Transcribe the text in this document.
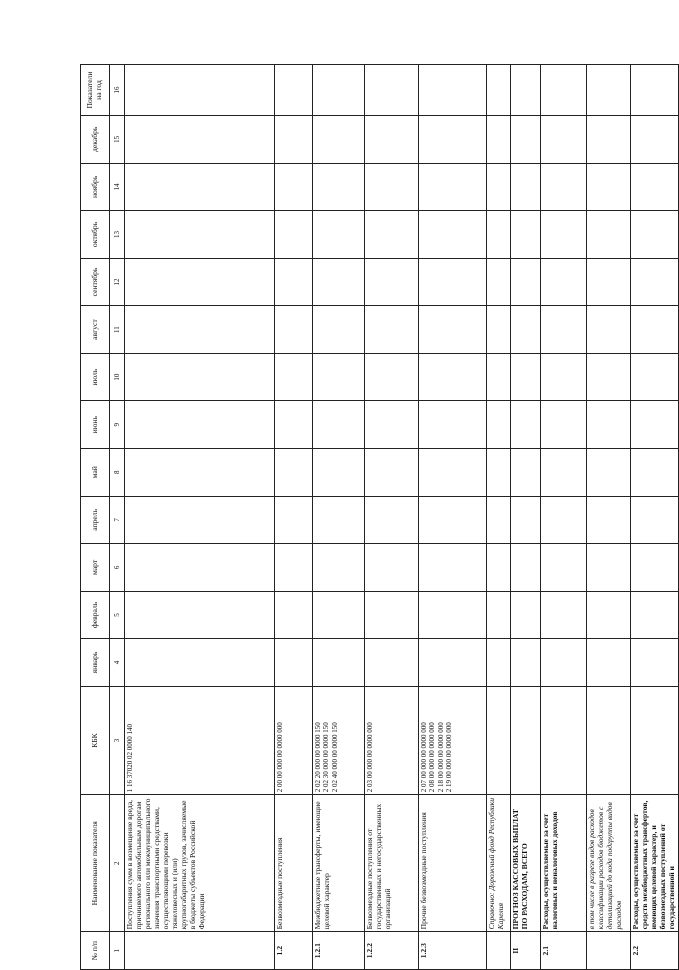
№ п/п	Наименование показателя	КБК	январь	февраль	март	апрель	май	июнь	июль	август	сентябрь	октябрь	ноябрь	декабрь	Показатели на год
1	2	3	4	5	6	7	8	9	10	11	12	13	14	15	16
	Поступления сумм в возмещение вреда, причиняемого автомобильным дорогам регионального или межмуниципального значения транспортными средствами, осуществляющими перевозки тяжеловесных и (или) крупногабаритных грузов, зачисляемые в бюджеты субъектов Российской Федерации	1 16 37020 02 0000 140													
1.2	Безвозмездные поступления	2 00 00 000 00 0000 000													
1.2.1	Межбюджетные трансферты, имеющие целевой характер	2 02 20 000 00 0000 150
2 02 30 000 00 0000 150
2 02 40 000 00 0000 150													
1.2.2	Безвозмездные поступления от государственных и негосударственных организаций	2 03 00 000 00 0000 000													
1.2.3	Прочие безвозмездные поступления	2 07 00 000 00 0000 000
2 08 00 000 00 0000 000
2 18 00 000 00 0000 000
2 19 00 000 00 0000 000													
	Справочно: Дорожный фонд Республики Карелия														
II	ПРОГНОЗ КАССОВЫХ ВЫПЛАТ ПО РАСХОДАМ, ВСЕГО														
2.1	Расходы, осуществляемые за счет налоговых и неналоговых доходов														
	в том числе в разрезе видов расходов классификации расходов бюджетов с детализацией до кода подгруппы видов расходов														
2.2	Расходы, осуществляемые за счет средств межбюджетных трансфертов, имеющих целевой характер, и безвозмездных поступлений от государственной и														
